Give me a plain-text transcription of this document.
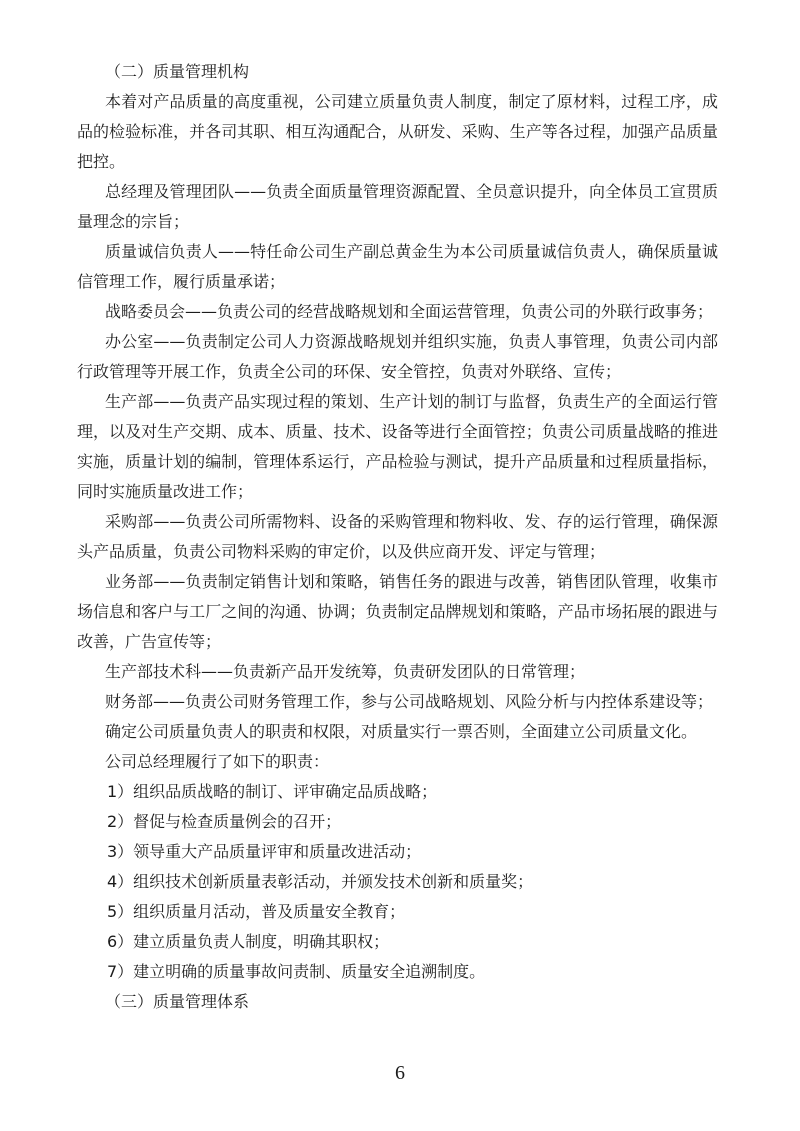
（二）质量管理机构

本着对产品质量的高度重视，公司建立质量负责人制度，制定了原材料，过程工序，成品的检验标准，并各司其职、相互沟通配合，从研发、采购、生产等各过程，加强产品质量把控。

总经理及管理团队——负责全面质量管理资源配置、全员意识提升，向全体员工宣贯质量理念的宗旨；

质量诚信负责人——特任命公司生产副总黄金生为本公司质量诚信负责人，确保质量诚信管理工作，履行质量承诺；

战略委员会——负责公司的经营战略规划和全面运营管理，负责公司的外联行政事务；

办公室——负责制定公司人力资源战略规划并组织实施，负责人事管理，负责公司内部行政管理等开展工作，负责全公司的环保、安全管控，负责对外联络、宣传；

生产部——负责产品实现过程的策划、生产计划的制订与监督，负责生产的全面运行管理，以及对生产交期、成本、质量、技术、设备等进行全面管控；负责公司质量战略的推进实施，质量计划的编制，管理体系运行，产品检验与测试，提升产品质量和过程质量指标，同时实施质量改进工作；

采购部——负责公司所需物料、设备的采购管理和物料收、发、存的运行管理，确保源头产品质量，负责公司物料采购的审定价，以及供应商开发、评定与管理；

业务部——负责制定销售计划和策略，销售任务的跟进与改善，销售团队管理，收集市场信息和客户与工厂之间的沟通、协调；负责制定品牌规划和策略，产品市场拓展的跟进与改善，广告宣传等；

生产部技术科——负责新产品开发统筹，负责研发团队的日常管理；

财务部——负责公司财务管理工作，参与公司战略规划、风险分析与内控体系建设等；

确定公司质量负责人的职责和权限，对质量实行一票否则，全面建立公司质量文化。

公司总经理履行了如下的职责：

1）组织品质战略的制订、评审确定品质战略；

2）督促与检查质量例会的召开；

3）领导重大产品质量评审和质量改进活动；

4）组织技术创新质量表彰活动，并颁发技术创新和质量奖；

5）组织质量月活动，普及质量安全教育；

6）建立质量负责人制度，明确其职权；

7）建立明确的质量事故问责制、质量安全追溯制度。

（三）质量管理体系

6
